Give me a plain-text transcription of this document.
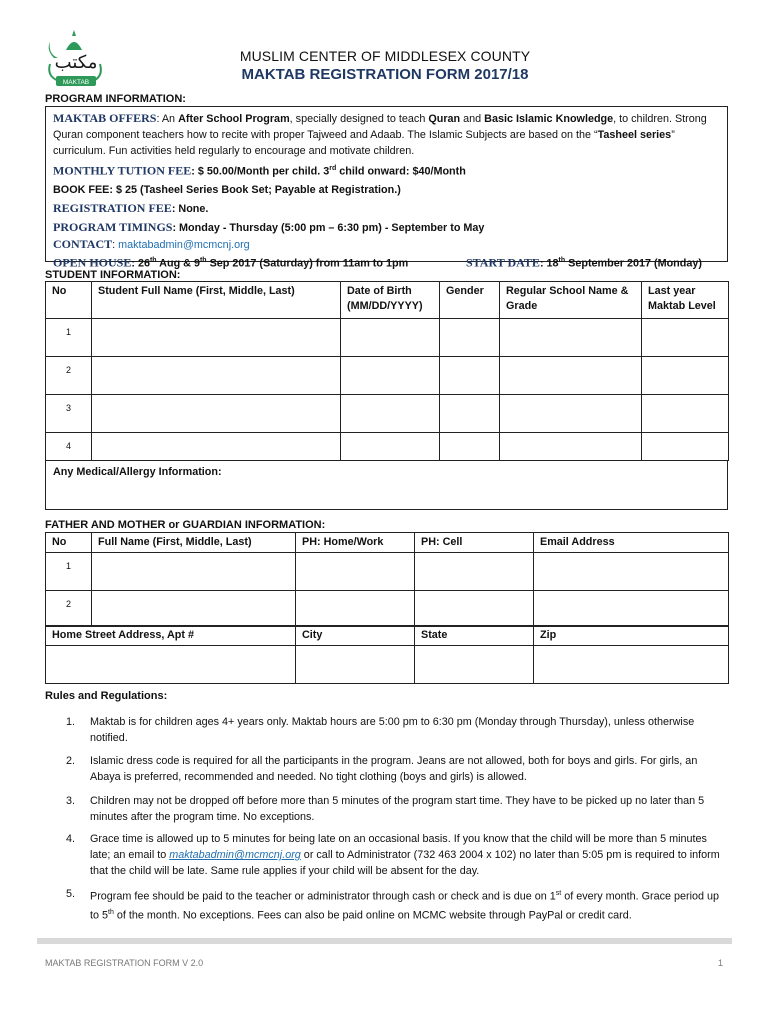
مكتب
MAKTAB
MUSLIM CENTER OF MIDDLESEX COUNTY
MAKTAB REGISTRATION FORM 2017/18
PROGRAM INFORMATION:
MAKTAB OFFERS: An After School Program, specially designed to teach Quran and Basic Islamic Knowledge, to children. Strong
Quran component teachers how to recite with proper Tajweed and Adaab. The Islamic Subjects are based on the “Tasheel series”
curriculum. Fun activities held regularly to encourage and motivate children.
MONTHLY TUTION FEE: $ 50.00/Month per child. 3rd child onward: $40/Month
BOOK FEE: $ 25 (Tasheel Series Book Set; Payable at Registration.)
REGISTRATION FEE: None.
PROGRAM TIMINGS: Monday - Thursday (5:00 pm – 6:30 pm) - September to May
CONTACT: maktabadmin@mcmcnj.org
OPEN HOUSE: 26th Aug & 9th Sep 2017 (Saturday) from 11am to 1pm	START DATE: 18th September 2017 (Monday)
STUDENT INFORMATION:
No	Student Full Name (First, Middle, Last)	Date of Birth (MM/DD/YYYY)	Gender	Regular School Name & Grade	Last year Maktab Level
1					
2					
3					
4					
Any Medical/Allergy Information:
FATHER AND MOTHER or GUARDIAN INFORMATION:
No	Full Name (First, Middle, Last)	PH: Home/Work	PH: Cell	Email Address
1				
2				
Home Street Address, Apt #	City	State	Zip

Rules and Regulations:
1.	Maktab is for children ages 4+ years only. Maktab hours are 5:00 pm to 6:30 pm (Monday through Thursday), unless otherwise notified.
2.	Islamic dress code is required for all the participants in the program. Jeans are not allowed, both for boys and girls. For girls, an Abaya is preferred, recommended and needed. No tight clothing (boys and girls) is allowed.
3.	Children may not be dropped off before more than 5 minutes of the program start time. They have to be picked up no later than 5 minutes after the program time. No exceptions.
4.	Grace time is allowed up to 5 minutes for being late on an occasional basis. If you know that the child will be more than 5 minutes late; an email to maktabadmin@mcmcnj.org or call to Administrator (732 463 2004 x 102) no later than 5:05 pm is required to inform that the child will be late. Same rule applies if your child will be absent for the day.
5.	Program fee should be paid to the teacher or administrator through cash or check and is due on 1st of every month. Grace period up to 5th of the month. No exceptions. Fees can also be paid online on MCMC website through PayPal or credit card.
MAKTAB REGISTRATION FORM V 2.0	1
